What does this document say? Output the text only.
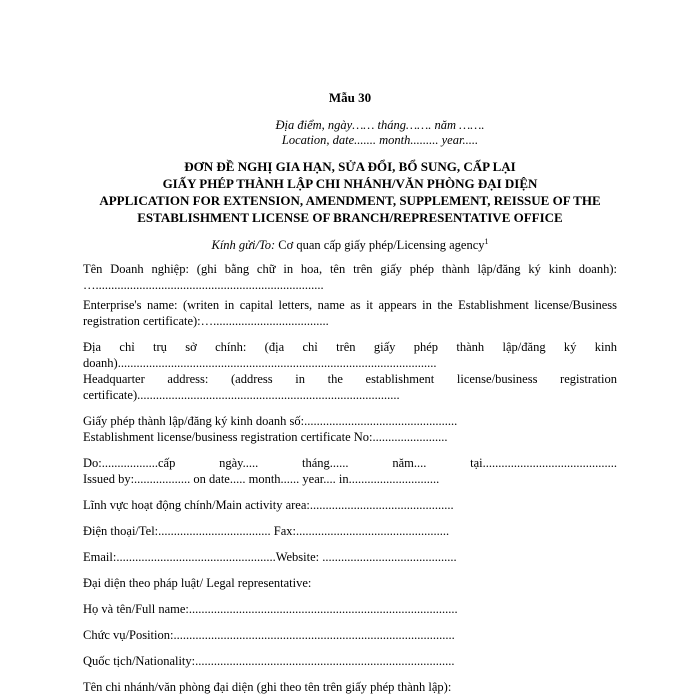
Mẫu 30
Địa điểm, ngày…… tháng……. năm …….
Location, date....... month......... year.....
ĐƠN ĐỀ NGHỊ GIA HẠN, SỬA ĐỔI, BỔ SUNG, CẤP LẠI
GIẤY PHÉP THÀNH LẬP CHI NHÁNH/VĂN PHÒNG ĐẠI DIỆN
APPLICATION FOR EXTENSION, AMENDMENT, SUPPLEMENT, REISSUE OF THE
ESTABLISHMENT LICENSE OF BRANCH/REPRESENTATIVE OFFICE
Kính gửi/To: Cơ quan cấp giấy phép/Licensing agency$^1$

Tên Doanh nghiệp: (ghi bằng chữ in hoa, tên trên giấy phép thành lập/đăng ký kinh doanh): ….........................................................................

Enterprise's name: (writen in capital letters, name as it appears in the Establishment license/Business registration certificate):….....................................

Địa chỉ trụ sở chính: (địa chỉ trên giấy phép thành lập/đăng ký kinh doanh)......................................................................................................

Headquarter address: (address in the establishment license/business registration certificate)....................................................................................

Giấy phép thành lập/đăng ký kinh doanh số:.................................................

Establishment license/business registration certificate No:........................

Do:..................cấp	ngày.....	tháng......	năm....	tại...........................................

Issued by:.................. on date..... month...... year.... in.............................

Lĩnh vực hoạt động chính/Main activity area:..............................................

Điện thoại/Tel:.................................... Fax:.................................................
Email:...................................................Website: ...........................................

Đại diện theo pháp luật/ Legal representative:

Họ và tên/Full name:......................................................................................

Chức vụ/Position:..........................................................................................

Quốc tịch/Nationality:...................................................................................

Tên chi nhánh/văn phòng đại diện (ghi theo tên trên giấy phép thành lập):
